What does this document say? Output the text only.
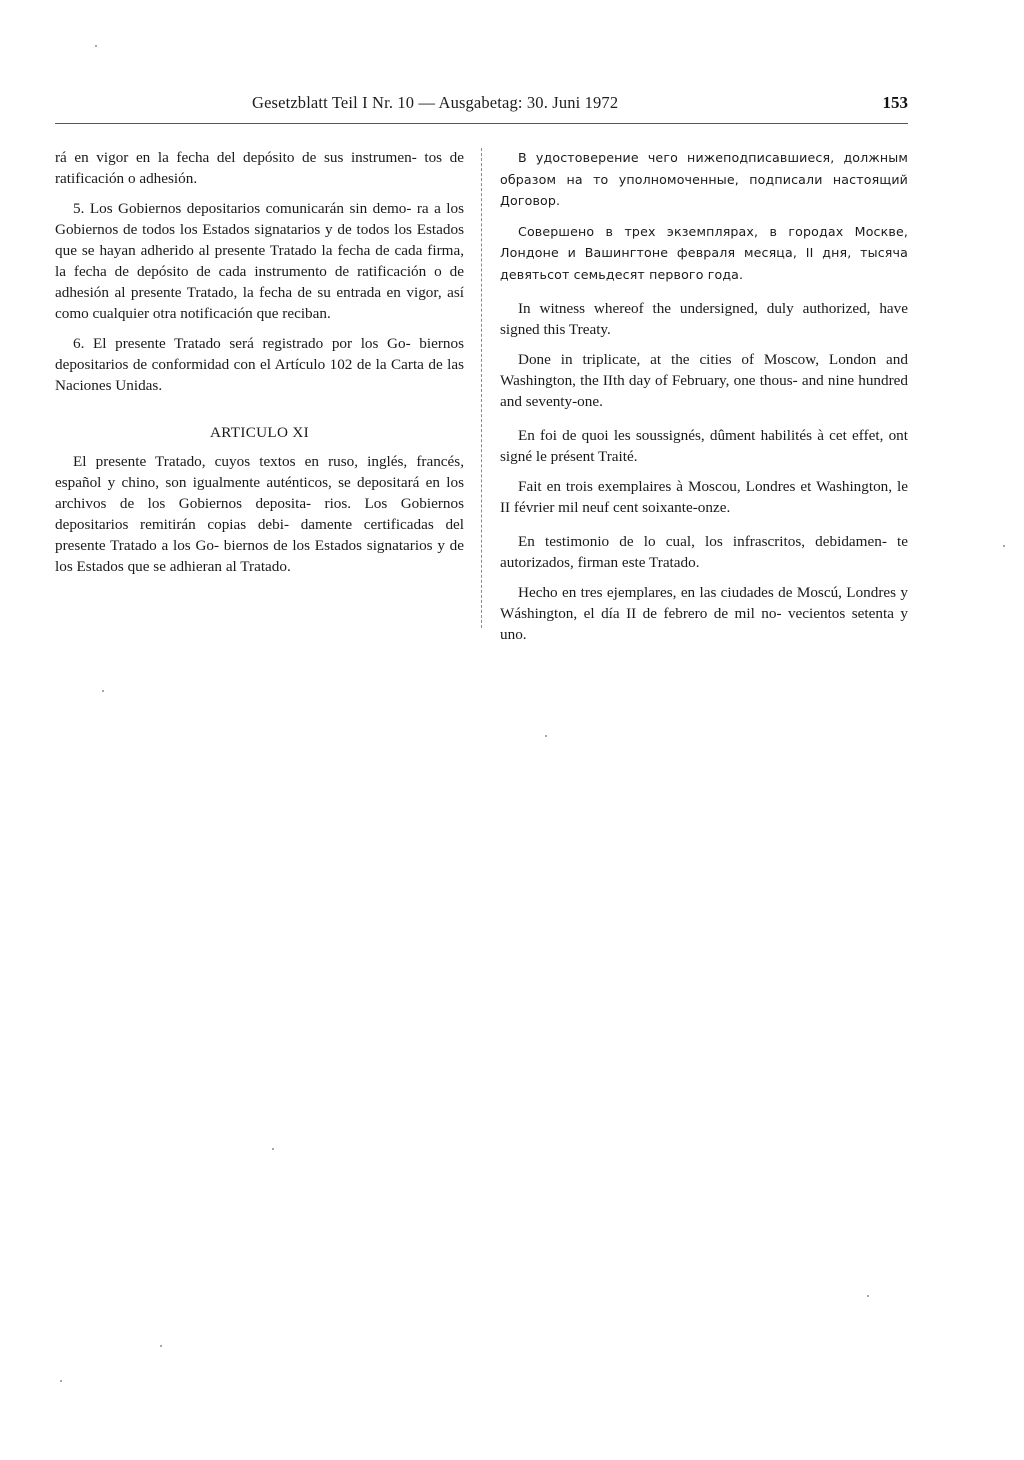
Gesetzblatt Teil I Nr. 10 — Ausgabetag: 30. Juni 1972	153

rá en vigor en la fecha del depósito de sus instrumen- tos de ratificación o adhesión.

5. Los Gobiernos depositarios comunicarán sin demo- ra a los Gobiernos de todos los Estados signatarios y de todos los Estados que se hayan adherido al presente Tratado la fecha de cada firma, la fecha de depósito de cada instrumento de ratificación o de adhesión al presente Tratado, la fecha de su entrada en vigor, así como cualquier otra notificación que reciban.

6. El presente Tratado será registrado por los Go- biernos depositarios de conformidad con el Artículo 102 de la Carta de las Naciones Unidas.

ARTICULO XI

El presente Tratado, cuyos textos en ruso, inglés, francés, español y chino, son igualmente auténticos, se depositará en los archivos de los Gobiernos deposita- rios. Los Gobiernos depositarios remitirán copias debi- damente certificadas del presente Tratado a los Go- biernos de los Estados signatarios y de los Estados que se adhieran al Tratado.

В удостоверение чего нижеподписавшиеся, должным образом на то уполномоченные, подписали настоящий Договор.

Совершено в трех экземплярах, в городах Москве, Лондоне и Вашингтоне февраля месяца, II дня, тысяча девятьсот семьдесят первого года.

In witness whereof the undersigned, duly authorized, have signed this Treaty.

Done in triplicate, at the cities of Moscow, London and Washington, the IIth day of February, one thous- and nine hundred and seventy-one.

En foi de quoi les soussignés, dûment habilités à cet effet, ont signé le présent Traité.

Fait en trois exemplaires à Moscou, Londres et Washington, le II février mil neuf cent soixante-onze.

En testimonio de lo cual, los infrascritos, debidamen- te autorizados, firman este Tratado.

Hecho en tres ejemplares, en las ciudades de Moscú, Londres y Wáshington, el día II de febrero de mil no- vecientos setenta y uno.
